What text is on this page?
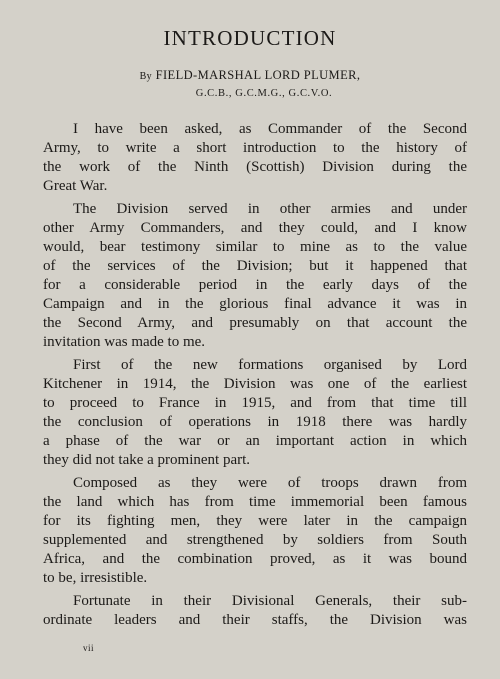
INTRODUCTION
By FIELD-MARSHAL LORD PLUMER,
G.C.B., G.C.M.G., G.C.V.O.
I have been asked, as Commander of the Second
Army, to write a short introduction to the history of
the work of the Ninth (Scottish) Division during the
Great War.
The Division served in other armies and under
other Army Commanders, and they could, and I know
would, bear testimony similar to mine as to the value
of the services of the Division; but it happened that
for a considerable period in the early days of the
Campaign and in the glorious final advance it was in
the Second Army, and presumably on that account the
invitation was made to me.
First of the new formations organised by Lord
Kitchener in 1914, the Division was one of the earliest
to proceed to France in 1915, and from that time till
the conclusion of operations in 1918 there was hardly
a phase of the war or an important action in which
they did not take a prominent part.
Composed as they were of troops drawn from
the land which has from time immemorial been famous
for its fighting men, they were later in the campaign
supplemented and strengthened by soldiers from South
Africa, and the combination proved, as it was bound
to be, irresistible.
Fortunate in their Divisional Generals, their sub-
ordinate leaders and their staffs, the Division was
vii
